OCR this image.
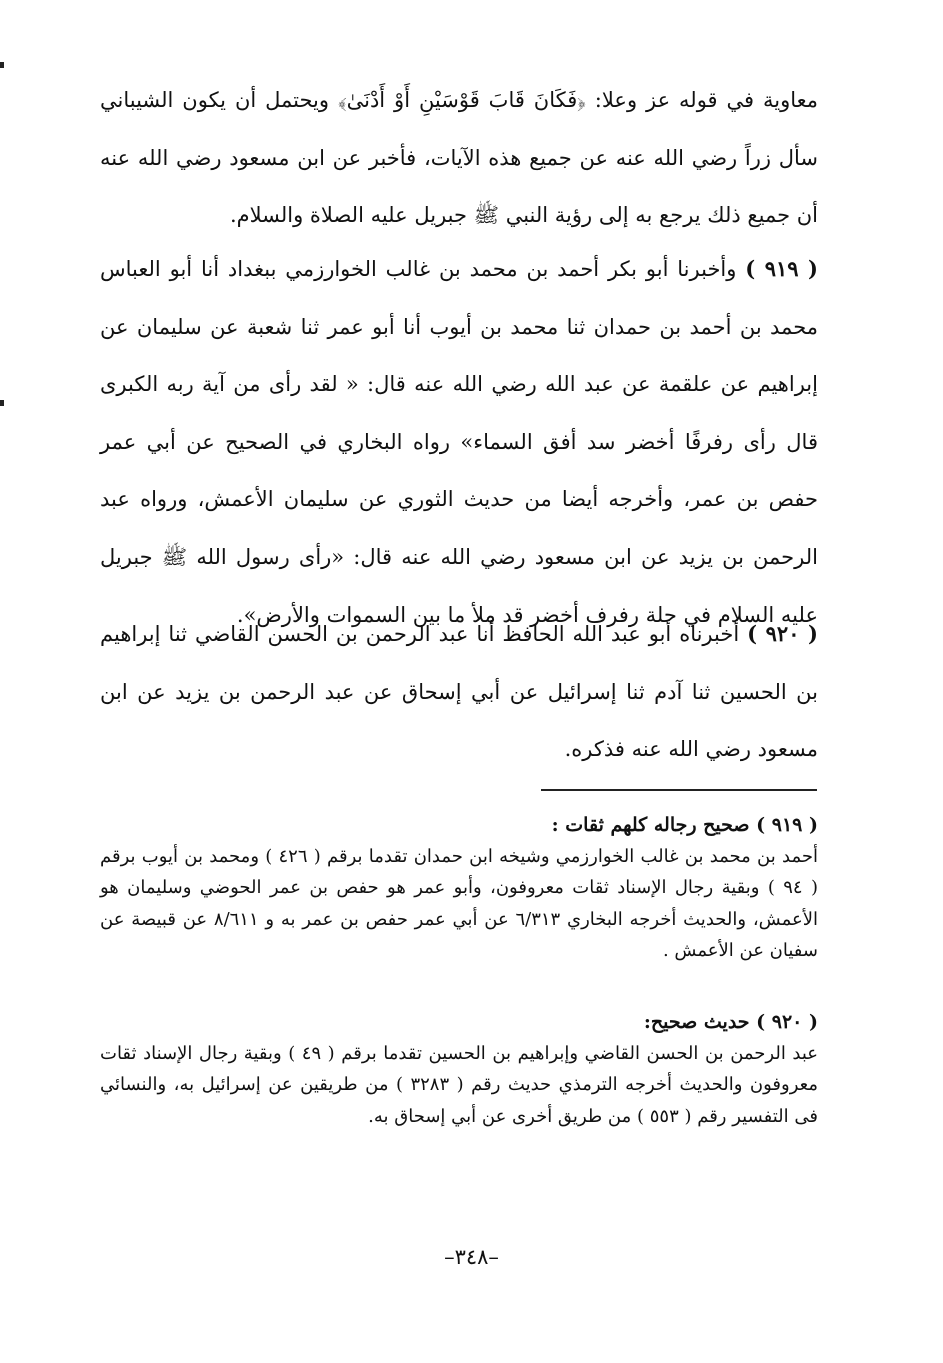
معاوية في قوله عز وعلا: ﴿فَكَانَ قَابَ قَوْسَيْنِ أَوْ أَدْنَىٰ﴾ ويحتمل أن يكون الشيباني سأل زراً رضي الله عنه عن جميع هذه الآيات، فأخبر عن ابن مسعود رضي الله عنه أن جميع ذلك يرجع به إلى رؤية النبي ﷺ جبريل عليه الصلاة والسلام.

( ٩١٩ ) وأخبرنا أبو بكر أحمد بن محمد بن غالب الخوارزمي ببغداد أنا أبو العباس محمد بن أحمد بن حمدان ثنا محمد بن أيوب أنا أبو عمر ثنا شعبة عن سليمان عن إبراهيم عن علقمة عن عبد الله رضي الله عنه قال: « لقد رأى من آية ربه الكبرى قال رأى رفرفًا أخضر سد أفق السماء» رواه البخاري في الصحيح عن أبي عمر حفص بن عمر، وأخرجه أيضا من حديث الثوري عن سليمان الأعمش، ورواه عبد الرحمن بن يزيد عن ابن مسعود رضي الله عنه قال: «رأى رسول الله ﷺ جبريل عليه السلام في حلة رفرف أخضر قد ملأ ما بين السموات والأرض».

( ٩٢٠ ) أخبرناه أبو عبد الله الحافظ أنا عبد الرحمن بن الحسن القاضي ثنا إبراهيم بن الحسين ثنا آدم ثنا إسرائيل عن أبي إسحاق عن عبد الرحمن بن يزيد عن ابن مسعود رضي الله عنه فذكره.

( ٩١٩ ) صحيح رجاله كلهم ثقات :

أحمد بن محمد بن غالب الخوارزمي وشيخه ابن حمدان تقدما برقم ( ٤٢٦ ) ومحمد بن أيوب برقم ( ٩٤ ) وبقية رجال الإسناد ثقات معروفون، وأبو عمر هو حفص بن عمر الحوضي وسليمان هو الأعمش، والحديث أخرجه البخاري ٦/٣١٣ عن أبي عمر حفص بن عمر به و ٨/٦١١ عن قبيصة عن سفيان عن الأعمش .

( ٩٢٠ ) حديث صحيح:

عبد الرحمن بن الحسن القاضي وإبراهيم بن الحسين تقدما برقم ( ٤٩ ) وبقية رجال الإسناد ثقات معروفون والحديث أخرجه الترمذي حديث رقم ( ٣٢٨٣ ) من طريقين عن إسرائيل به، والنسائي فى التفسير رقم ( ٥٥٣ ) من طريق أخرى عن أبي إسحاق به.

–٣٤٨–
